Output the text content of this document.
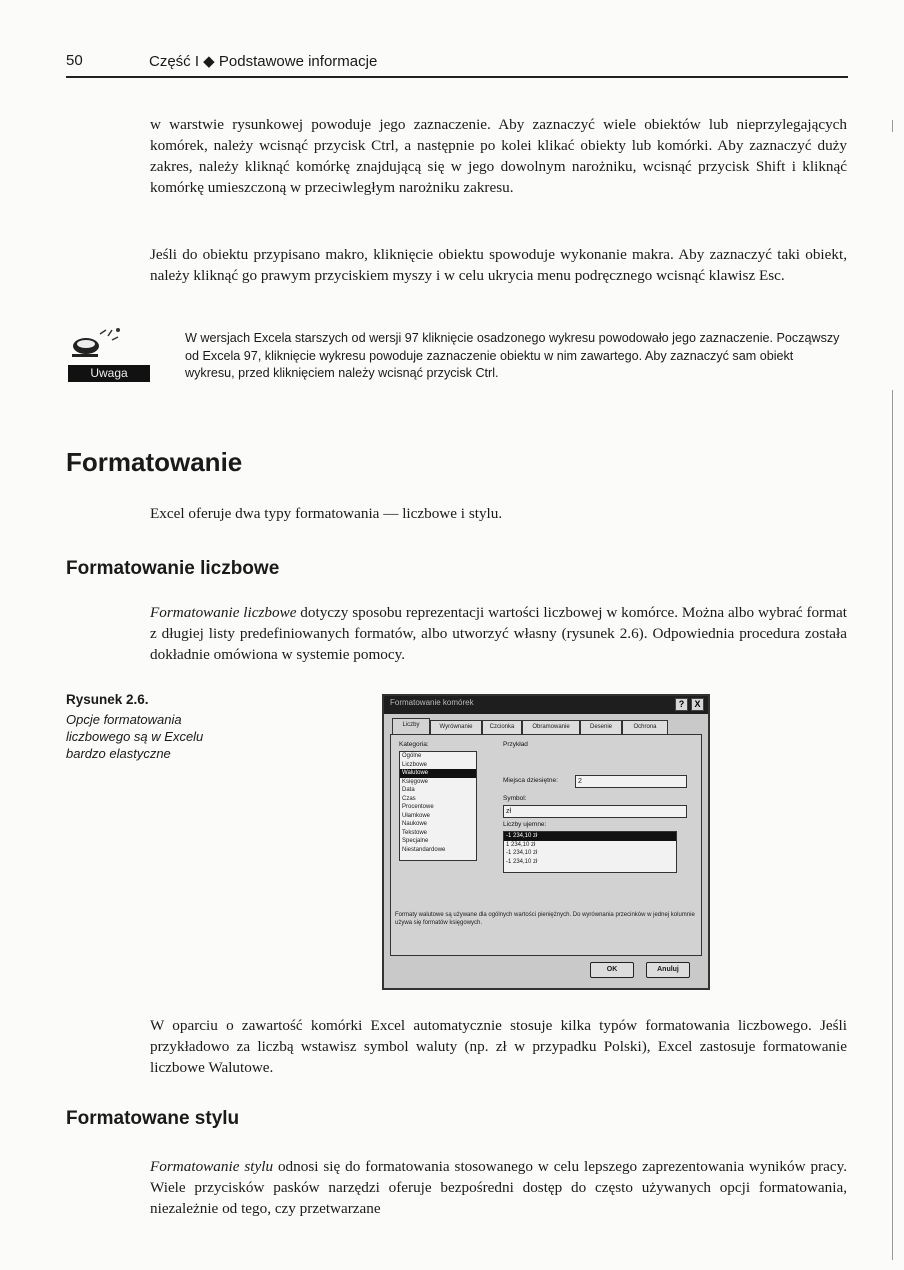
50	Część I ◆ Podstawowe informacje

w warstwie rysunkowej powoduje jego zaznaczenie. Aby zaznaczyć wiele obiektów lub nieprzylegających komórek, należy wcisnąć przycisk Ctrl, a następnie po kolei klikać obiekty lub komórki. Aby zaznaczyć duży zakres, należy kliknąć komórkę znajdującą się w jego dowolnym narożniku, wcisnąć przycisk Shift i kliknąć komórkę umieszczoną w przeciwległym narożniku zakresu.

Jeśli do obiektu przypisano makro, kliknięcie obiektu spowoduje wykonanie makra. Aby zaznaczyć taki obiekt, należy kliknąć go prawym przyciskiem myszy i w celu ukrycia menu podręcznego wcisnąć klawisz Esc.

Uwaga

W wersjach Excela starszych od wersji 97 kliknięcie osadzonego wykresu powodowało jego zaznaczenie. Począwszy od Excela 97, kliknięcie wykresu powoduje zaznaczenie obiektu w nim zawartego. Aby zaznaczyć sam obiekt wykresu, przed kliknięciem należy wcisnąć przycisk Ctrl.

Formatowanie

Excel oferuje dwa typy formatowania — liczbowe i stylu.

Formatowanie liczbowe

Formatowanie liczbowe dotyczy sposobu reprezentacji wartości liczbowej w komórce. Można albo wybrać format z długiej listy predefiniowanych formatów, albo utworzyć własny (rysunek 2.6). Odpowiednia procedura została dokładnie omówiona w systemie pomocy.

Rysunek 2.6.
Opcje formatowania liczbowego są w Excelu bardzo elastyczne
Formatowanie komórek	?	X
Liczby	Wyrównanie	Czcionka	Obramowanie	Desenie	Ochrona
Kategoria:
Ogólne
Liczbowe
Walutowe
Księgowe
Data
Czas
Procentowe
Ułamkowe
Naukowe
Tekstowe
Specjalne
Niestandardowe
Przykład
Miejsca dziesiętne:	2
Symbol:
zł
Liczby ujemne:
-1 234,10 zł
1 234,10 zł
-1 234,10 zł
-1 234,10 zł
Formaty walutowe są używane dla ogólnych wartości pieniężnych. Do wyrównania przecinków w jednej kolumnie używa się formatów księgowych.
OK	Anuluj

W oparciu o zawartość komórki Excel automatycznie stosuje kilka typów formatowania liczbowego. Jeśli przykładowo za liczbą wstawisz symbol waluty (np. zł w przypadku Polski), Excel zastosuje formatowanie liczbowe Walutowe.

Formatowane stylu

Formatowanie stylu odnosi się do formatowania stosowanego w celu lepszego zaprezentowania wyników pracy. Wiele przycisków pasków narzędzi oferuje bezpośredni dostęp do często używanych opcji formatowania, niezależnie od tego, czy przetwarzane
